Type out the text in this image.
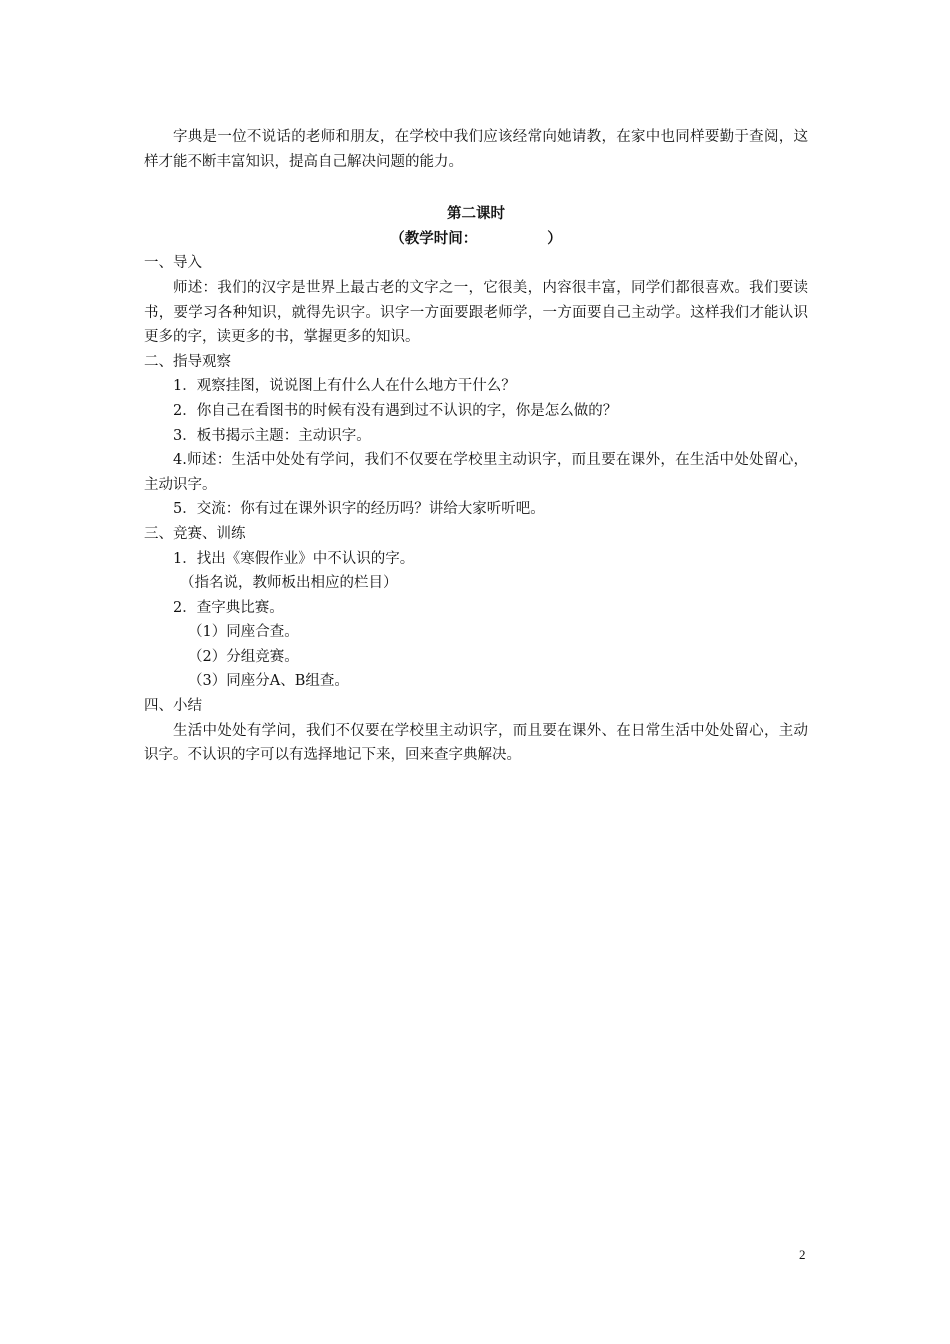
字典是一位不说话的老师和朋友，在学校中我们应该经常向她请教，在家中也同样要勤于查阅，这样才能不断丰富知识，提高自己解决问题的能力。

第二课时

（教学时间：	）

一、导入

师述：我们的汉字是世界上最古老的文字之一，它很美，内容很丰富，同学们都很喜欢。我们要读书，要学习各种知识，就得先识字。识字一方面要跟老师学，一方面要自己主动学。这样我们才能认识更多的字，读更多的书，掌握更多的知识。

二、指导观察

1．观察挂图，说说图上有什么人在什么地方干什么？

2．你自己在看图书的时候有没有遇到过不认识的字，你是怎么做的？

3．板书揭示主题：主动识字。

4.师述：生活中处处有学问，我们不仅要在学校里主动识字，而且要在课外，在生活中处处留心，主动识字。

5．交流：你有过在课外识字的经历吗？讲给大家听听吧。

三、竞赛、训练

1．找出《寒假作业》中不认识的字。

（指名说，教师板出相应的栏目）

2．查字典比赛。

（1）同座合查。

（2）分组竞赛。

（3）同座分A、B组查。

四、小结

生活中处处有学问，我们不仅要在学校里主动识字，而且要在课外、在日常生活中处处留心，主动识字。不认识的字可以有选择地记下来，回来查字典解决。

2
